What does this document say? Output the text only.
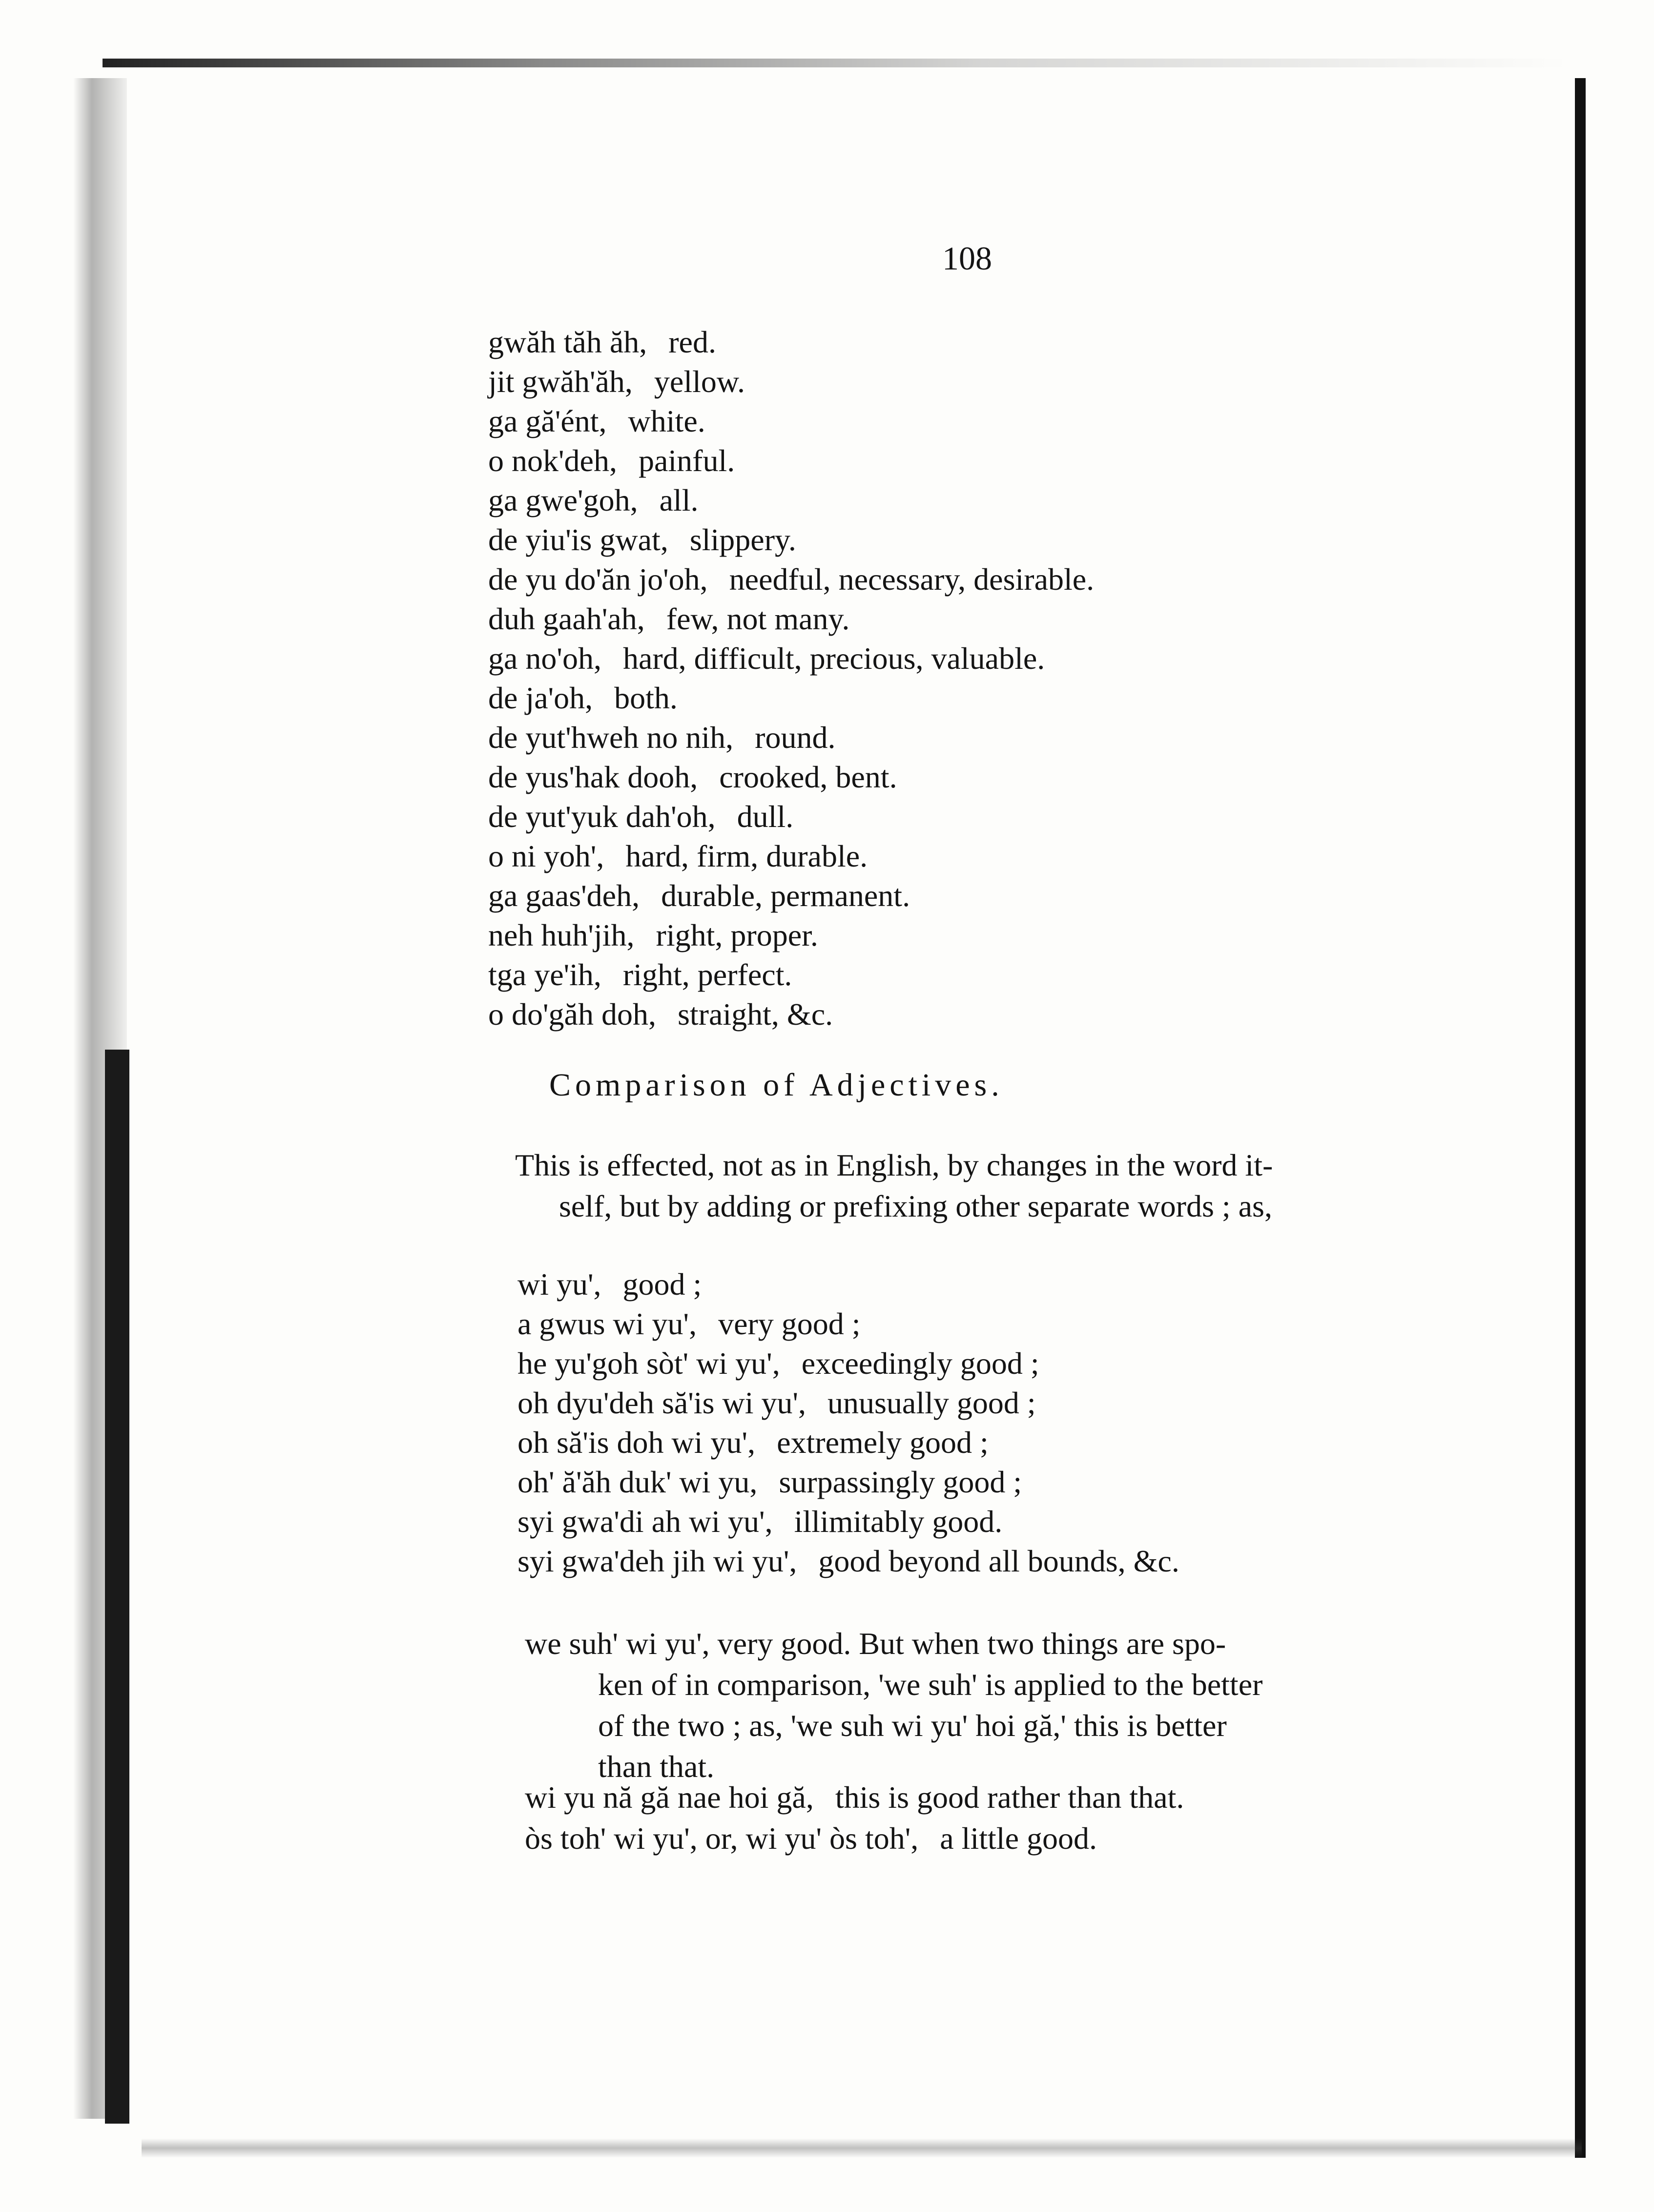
108
gwăh tăh ăh, red.
jit gwăh'ăh, yellow.
ga gă'ént, white.
o nok'deh, painful.
ga gwe'goh, all.
de yiu'is gwat, slippery.
de yu do'ăn jo'oh, needful, necessary, desirable.
duh gaah'ah, few, not many.
ga no'oh, hard, difficult, precious, valuable.
de ja'oh, both.
de yut'hweh no nih, round.
de yus'hak dooh, crooked, bent.
de yut'yuk dah'oh, dull.
o ni yoh', hard, firm, durable.
ga gaas'deh, durable, permanent.
neh huh'jih, right, proper.
tga ye'ih, right, perfect.
o do'găh doh, straight, &c.
Comparison of Adjectives.

This is effected, not as in English, by changes in the word it-
self, but by adding or prefixing other separate words ; as,

wi yu', good ;
a gwus wi yu', very good ;
he yu'goh sòt' wi yu', exceedingly good ;
oh dyu'deh să'is wi yu', unusually good ;
oh să'is doh wi yu', extremely good ;
oh' ă'ăh duk' wi yu, surpassingly good ;
syi gwa'di ah wi yu', illimitably good.
syi gwa'deh jih wi yu', good beyond all bounds, &c.

we suh' wi yu', very good. But when two things are spo-
ken of in comparison, 'we suh' is applied to the better
of the two ; as, 'we suh wi yu' hoi gă,' this is better
than that.

wi yu nă gă nae hoi gă, this is good rather than that.
òs toh' wi yu', or, wi yu' òs toh', a little good.
